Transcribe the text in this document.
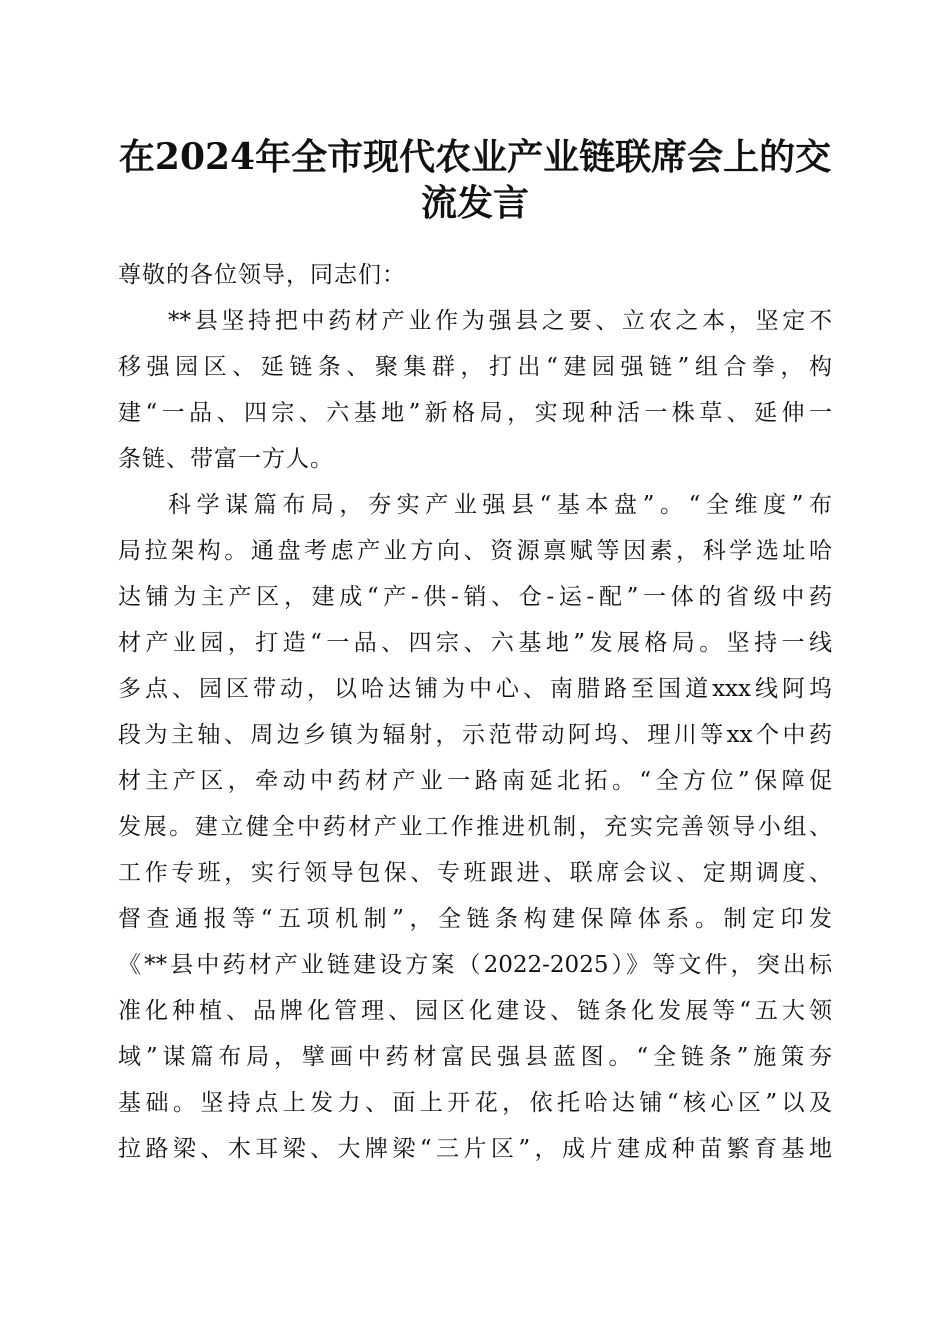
在2024年全市现代农业产业链联席会上的交
流发言

尊敬的各位领导，同志们：

**县坚持把中药材产业作为强县之要、立农之本，坚定不
移强园区、延链条、聚集群，打出“建园强链”组合拳，构
建“一品、四宗、六基地”新格局，实现种活一株草、延伸一
条链、带富一方人。

科学谋篇布局，夯实产业强县“基本盘”。“全维度”布
局拉架构。通盘考虑产业方向、资源禀赋等因素，科学选址哈
达铺为主产区，建成“产-供-销、仓-运-配”一体的省级中药
材产业园，打造“一品、四宗、六基地”发展格局。坚持一线
多点、园区带动，以哈达铺为中心、南腊路至国道xxx线阿坞
段为主轴、周边乡镇为辐射，示范带动阿坞、理川等xx个中药
材主产区，牵动中药材产业一路南延北拓。“全方位”保障促
发展。建立健全中药材产业工作推进机制，充实完善领导小组、
工作专班，实行领导包保、专班跟进、联席会议、定期调度、
督查通报等“五项机制”，全链条构建保障体系。制定印发
《**县中药材产业链建设方案（2022-2025）》等文件，突出标
准化种植、品牌化管理、园区化建设、链条化发展等“五大领
域”谋篇布局，擘画中药材富民强县蓝图。“全链条”施策夯
基础。坚持点上发力、面上开花，依托哈达铺“核心区”以及
拉路梁、木耳梁、大牌梁“三片区”，成片建成种苗繁育基地
